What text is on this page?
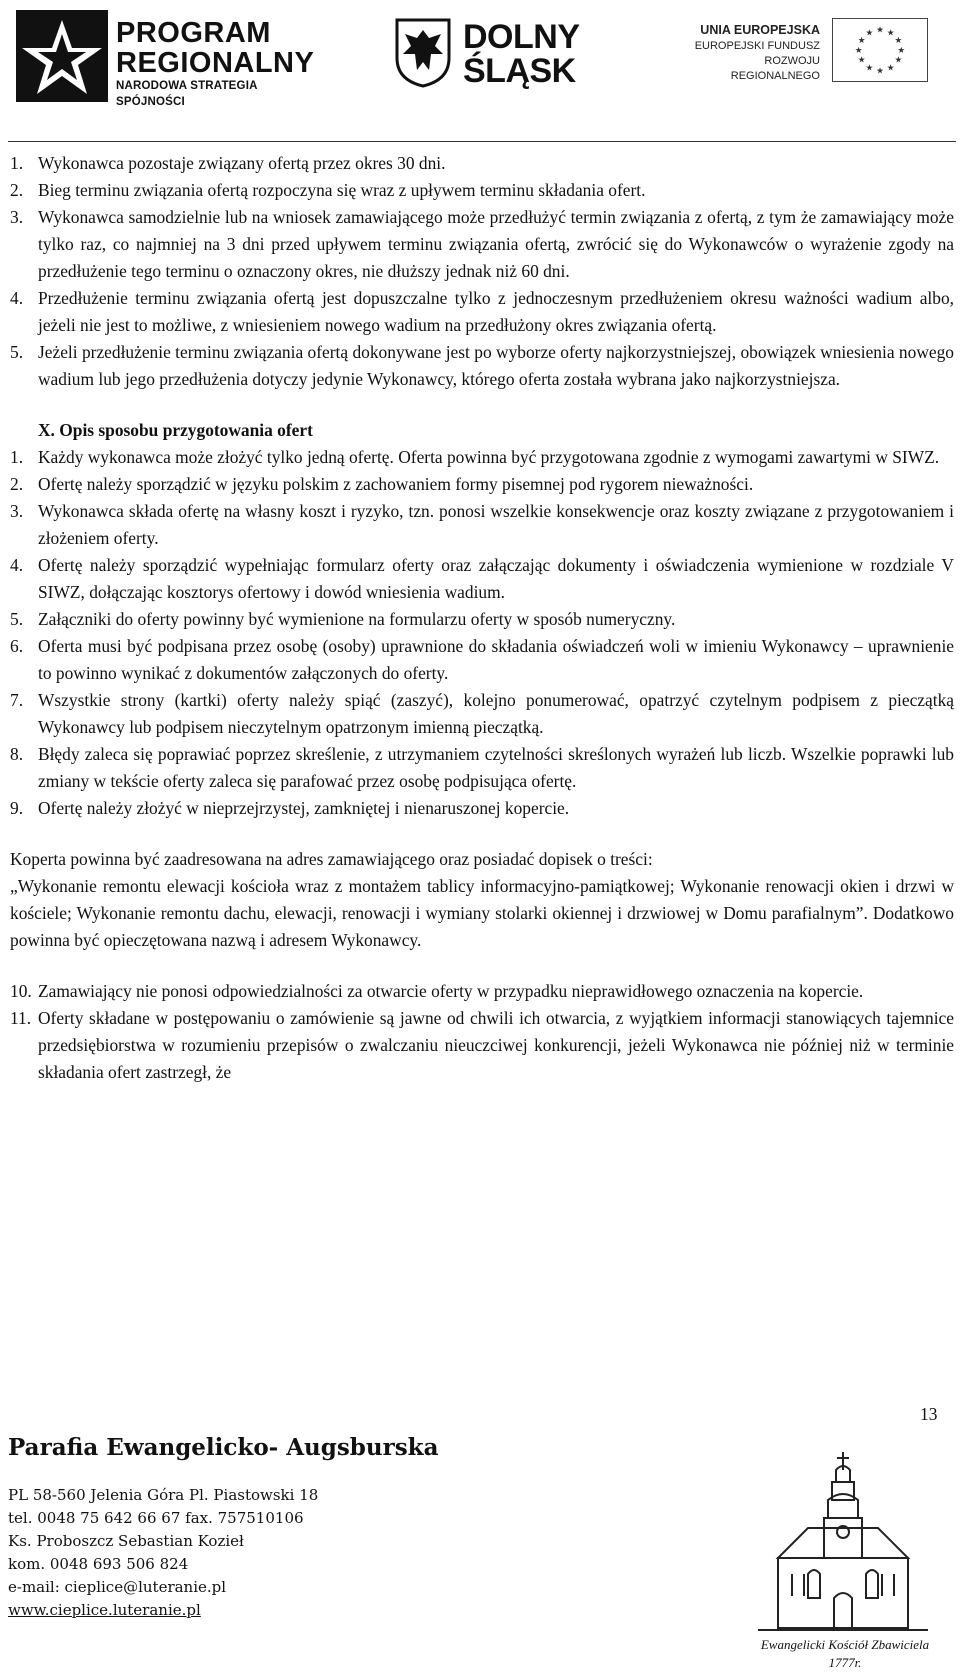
PROGRAM
REGIONALNY
NARODOWA STRATEGIA SPÓJNOŚCI
DOLNY
ŚLĄSK
UNIA EUROPEJSKA
EUROPEJSKI FUNDUSZ
ROZWOJU REGIONALNEGO
★ ★
★
★
★
★
★
★
★
★
★
★
1. Wykonawca pozostaje związany ofertą przez okres 30 dni.
2. Bieg terminu związania ofertą rozpoczyna się wraz z upływem terminu składania ofert.
3. Wykonawca samodzielnie lub na wniosek zamawiającego może przedłużyć termin związania z ofertą, z tym że zamawiający może tylko raz, co najmniej na 3 dni przed upływem terminu związania ofertą, zwrócić się do Wykonawców o wyrażenie zgody na przedłużenie tego terminu o oznaczony okres, nie dłuższy jednak niż 60 dni.
4. Przedłużenie terminu związania ofertą jest dopuszczalne tylko z jednoczesnym przedłużeniem okresu ważności wadium albo, jeżeli nie jest to możliwe, z wniesieniem nowego wadium na przedłużony okres związania ofertą.
5. Jeżeli przedłużenie terminu związania ofertą dokonywane jest po wyborze oferty najkorzystniejszej, obowiązek wniesienia nowego wadium lub jego przedłużenia dotyczy jedynie Wykonawcy, którego oferta została wybrana jako najkorzystniejsza.
X. Opis sposobu przygotowania ofert
1. Każdy wykonawca może złożyć tylko jedną ofertę. Oferta powinna być przygotowana zgodnie z wymogami zawartymi w SIWZ.
2. Ofertę należy sporządzić w języku polskim z zachowaniem formy pisemnej pod rygorem nieważności.
3. Wykonawca składa ofertę na własny koszt i ryzyko, tzn. ponosi wszelkie konsekwencje oraz koszty związane z przygotowaniem i złożeniem oferty.
4. Ofertę należy sporządzić wypełniając formularz oferty oraz załączając dokumenty i oświadczenia wymienione w rozdziale V SIWZ, dołączając kosztorys ofertowy i dowód wniesienia wadium.
5. Załączniki do oferty powinny być wymienione na formularzu oferty w sposób numeryczny.
6. Oferta musi być podpisana przez osobę (osoby) uprawnione do składania oświadczeń woli w imieniu Wykonawcy – uprawnienie to powinno wynikać z dokumentów załączonych do oferty.
7. Wszystkie strony (kartki) oferty należy spiąć (zaszyć), kolejno ponumerować, opatrzyć czytelnym podpisem z pieczątką Wykonawcy lub podpisem nieczytelnym opatrzonym imienną pieczątką.
8. Błędy zaleca się poprawiać poprzez skreślenie, z utrzymaniem czytelności skreślonych wyrażeń lub liczb. Wszelkie poprawki lub zmiany w tekście oferty zaleca się parafować przez osobę podpisująca ofertę.
9. Ofertę należy złożyć w nieprzejrzystej, zamkniętej i nienaruszonej kopercie.
Koperta powinna być zaadresowana na adres zamawiającego oraz posiadać dopisek o treści:
„Wykonanie remontu elewacji kościoła wraz z montażem tablicy informacyjno-pamiątkowej; Wykonanie renowacji okien i drzwi w kościele; Wykonanie remontu dachu, elewacji, renowacji i wymiany stolarki okiennej i drzwiowej w Domu parafialnym”. Dodatkowo powinna być opieczętowana nazwą i adresem Wykonawcy.
10. Zamawiający nie ponosi odpowiedzialności za otwarcie oferty w przypadku nieprawidłowego oznaczenia na kopercie.
11. Oferty składane w postępowaniu o zamówienie są jawne od chwili ich otwarcia, z wyjątkiem informacji stanowiących tajemnice przedsiębiorstwa w rozumieniu przepisów o zwalczaniu nieuczciwej konkurencji, jeżeli Wykonawca nie później niż w terminie składania ofert zastrzegł, że
13
Parafia Ewangelicko- Augsburska
PL 58-560 Jelenia Góra Pl. Piastowski 18
tel. 0048 75 642 66 67 fax. 757510106
Ks. Proboszcz Sebastian Kozieł
kom. 0048 693 506 824
e-mail: cieplice@luteranie.pl
www.cieplice.luteranie.pl
Ewangelicki Kościół Zbawiciela
1777r.
